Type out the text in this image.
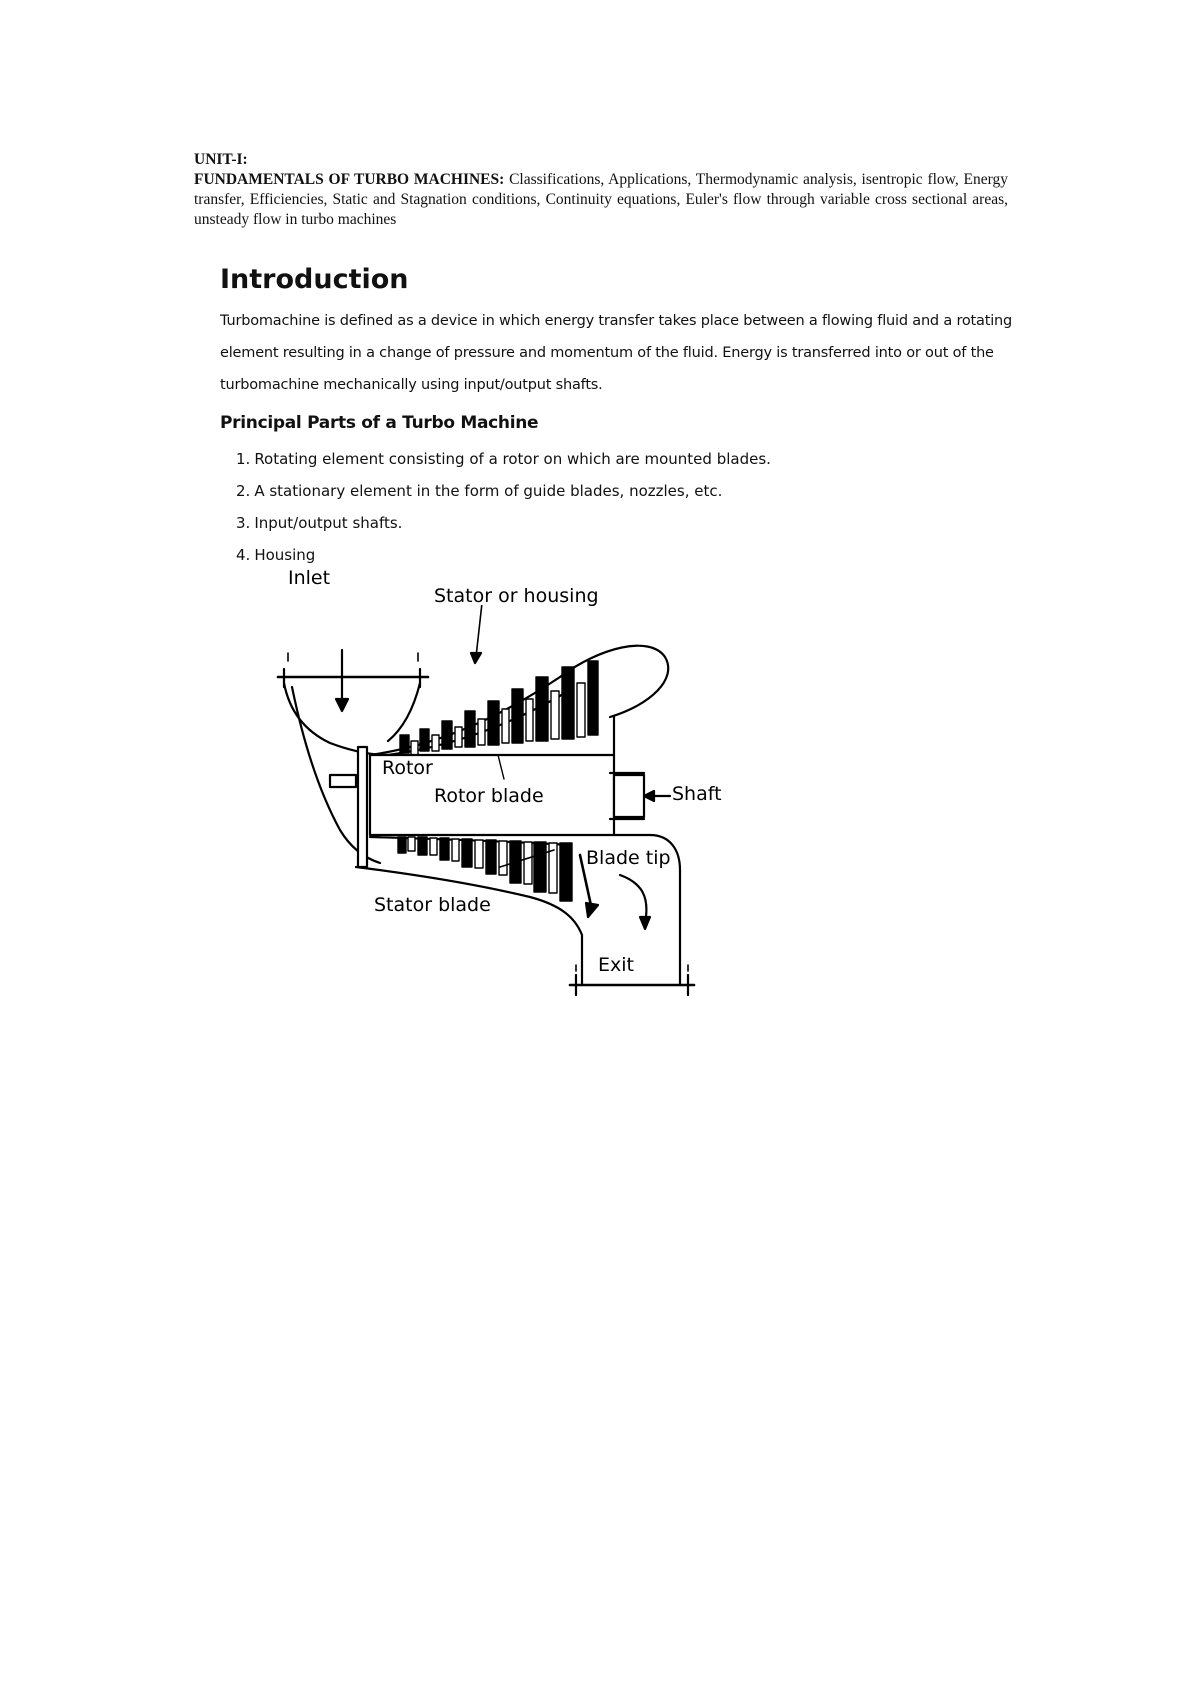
UNIT-I:
FUNDAMENTALS OF TURBO MACHINES: Classifications, Applications, Thermodynamic analysis, isentropic flow, Energy transfer, Efficiencies, Static and Stagnation conditions, Continuity equations, Euler's flow through variable cross sectional areas, unsteady flow in turbo machines
Introduction

Turbomachine is defined as a device in which energy transfer takes place between a flowing fluid and a rotating element resulting in a change of pressure and momentum of the fluid. Energy is transferred into or out of the turbomachine mechanically using input/output shafts.

Principal Parts of a Turbo Machine
1. Rotating element consisting of a rotor on which are mounted blades.
2. A stationary element in the form of guide blades, nozzles, etc.
3. Input/output shafts.
4. Housing
Inlet
Stator or housing
Rotor
Rotor blade	Shaft
Blade tip
Stator blade
Exit
